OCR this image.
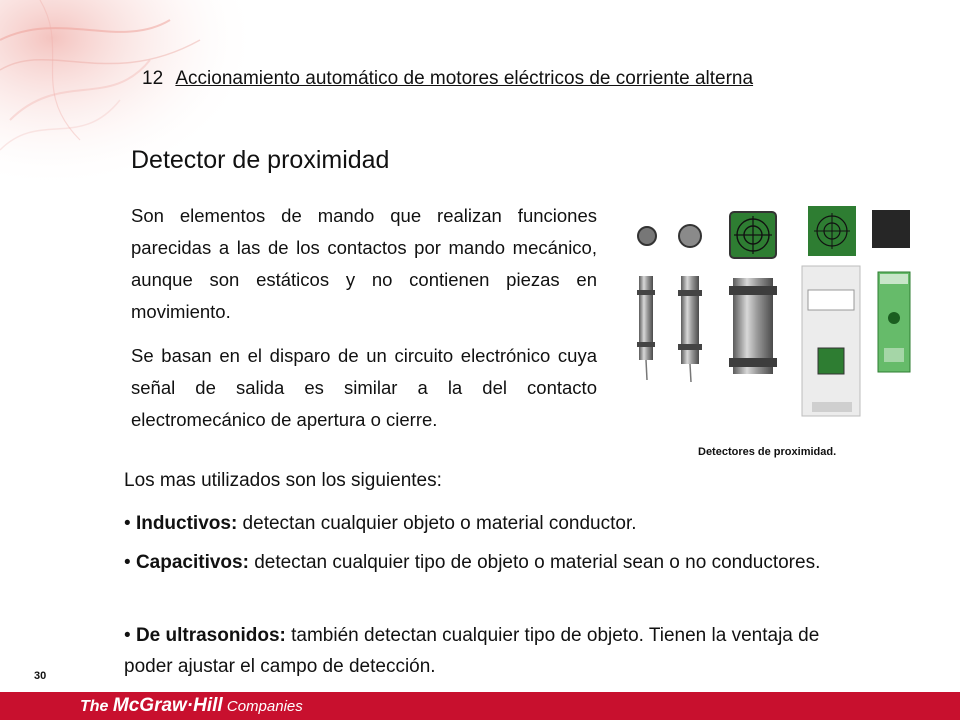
12 Accionamiento automático de motores eléctricos de corriente alterna
Detector de proximidad
Son elementos de mando que realizan funciones parecidas a las de los contactos por mando mecánico, aunque son estáticos y no contienen piezas en movimiento.
Se basan en el disparo de un circuito electrónico cuya señal de salida es similar a la del contacto electromecánico de apertura o cierre.
Detectores de proximidad.
Los mas utilizados son los siguientes:
• Inductivos: detectan cualquier objeto o material conductor.
• Capacitivos: detectan cualquier tipo de objeto o material sean o no conductores.
• De ultrasonidos: también detectan cualquier tipo de objeto. Tienen la ventaja de poder ajustar el campo de detección.
30
The McGraw·Hill Companies
